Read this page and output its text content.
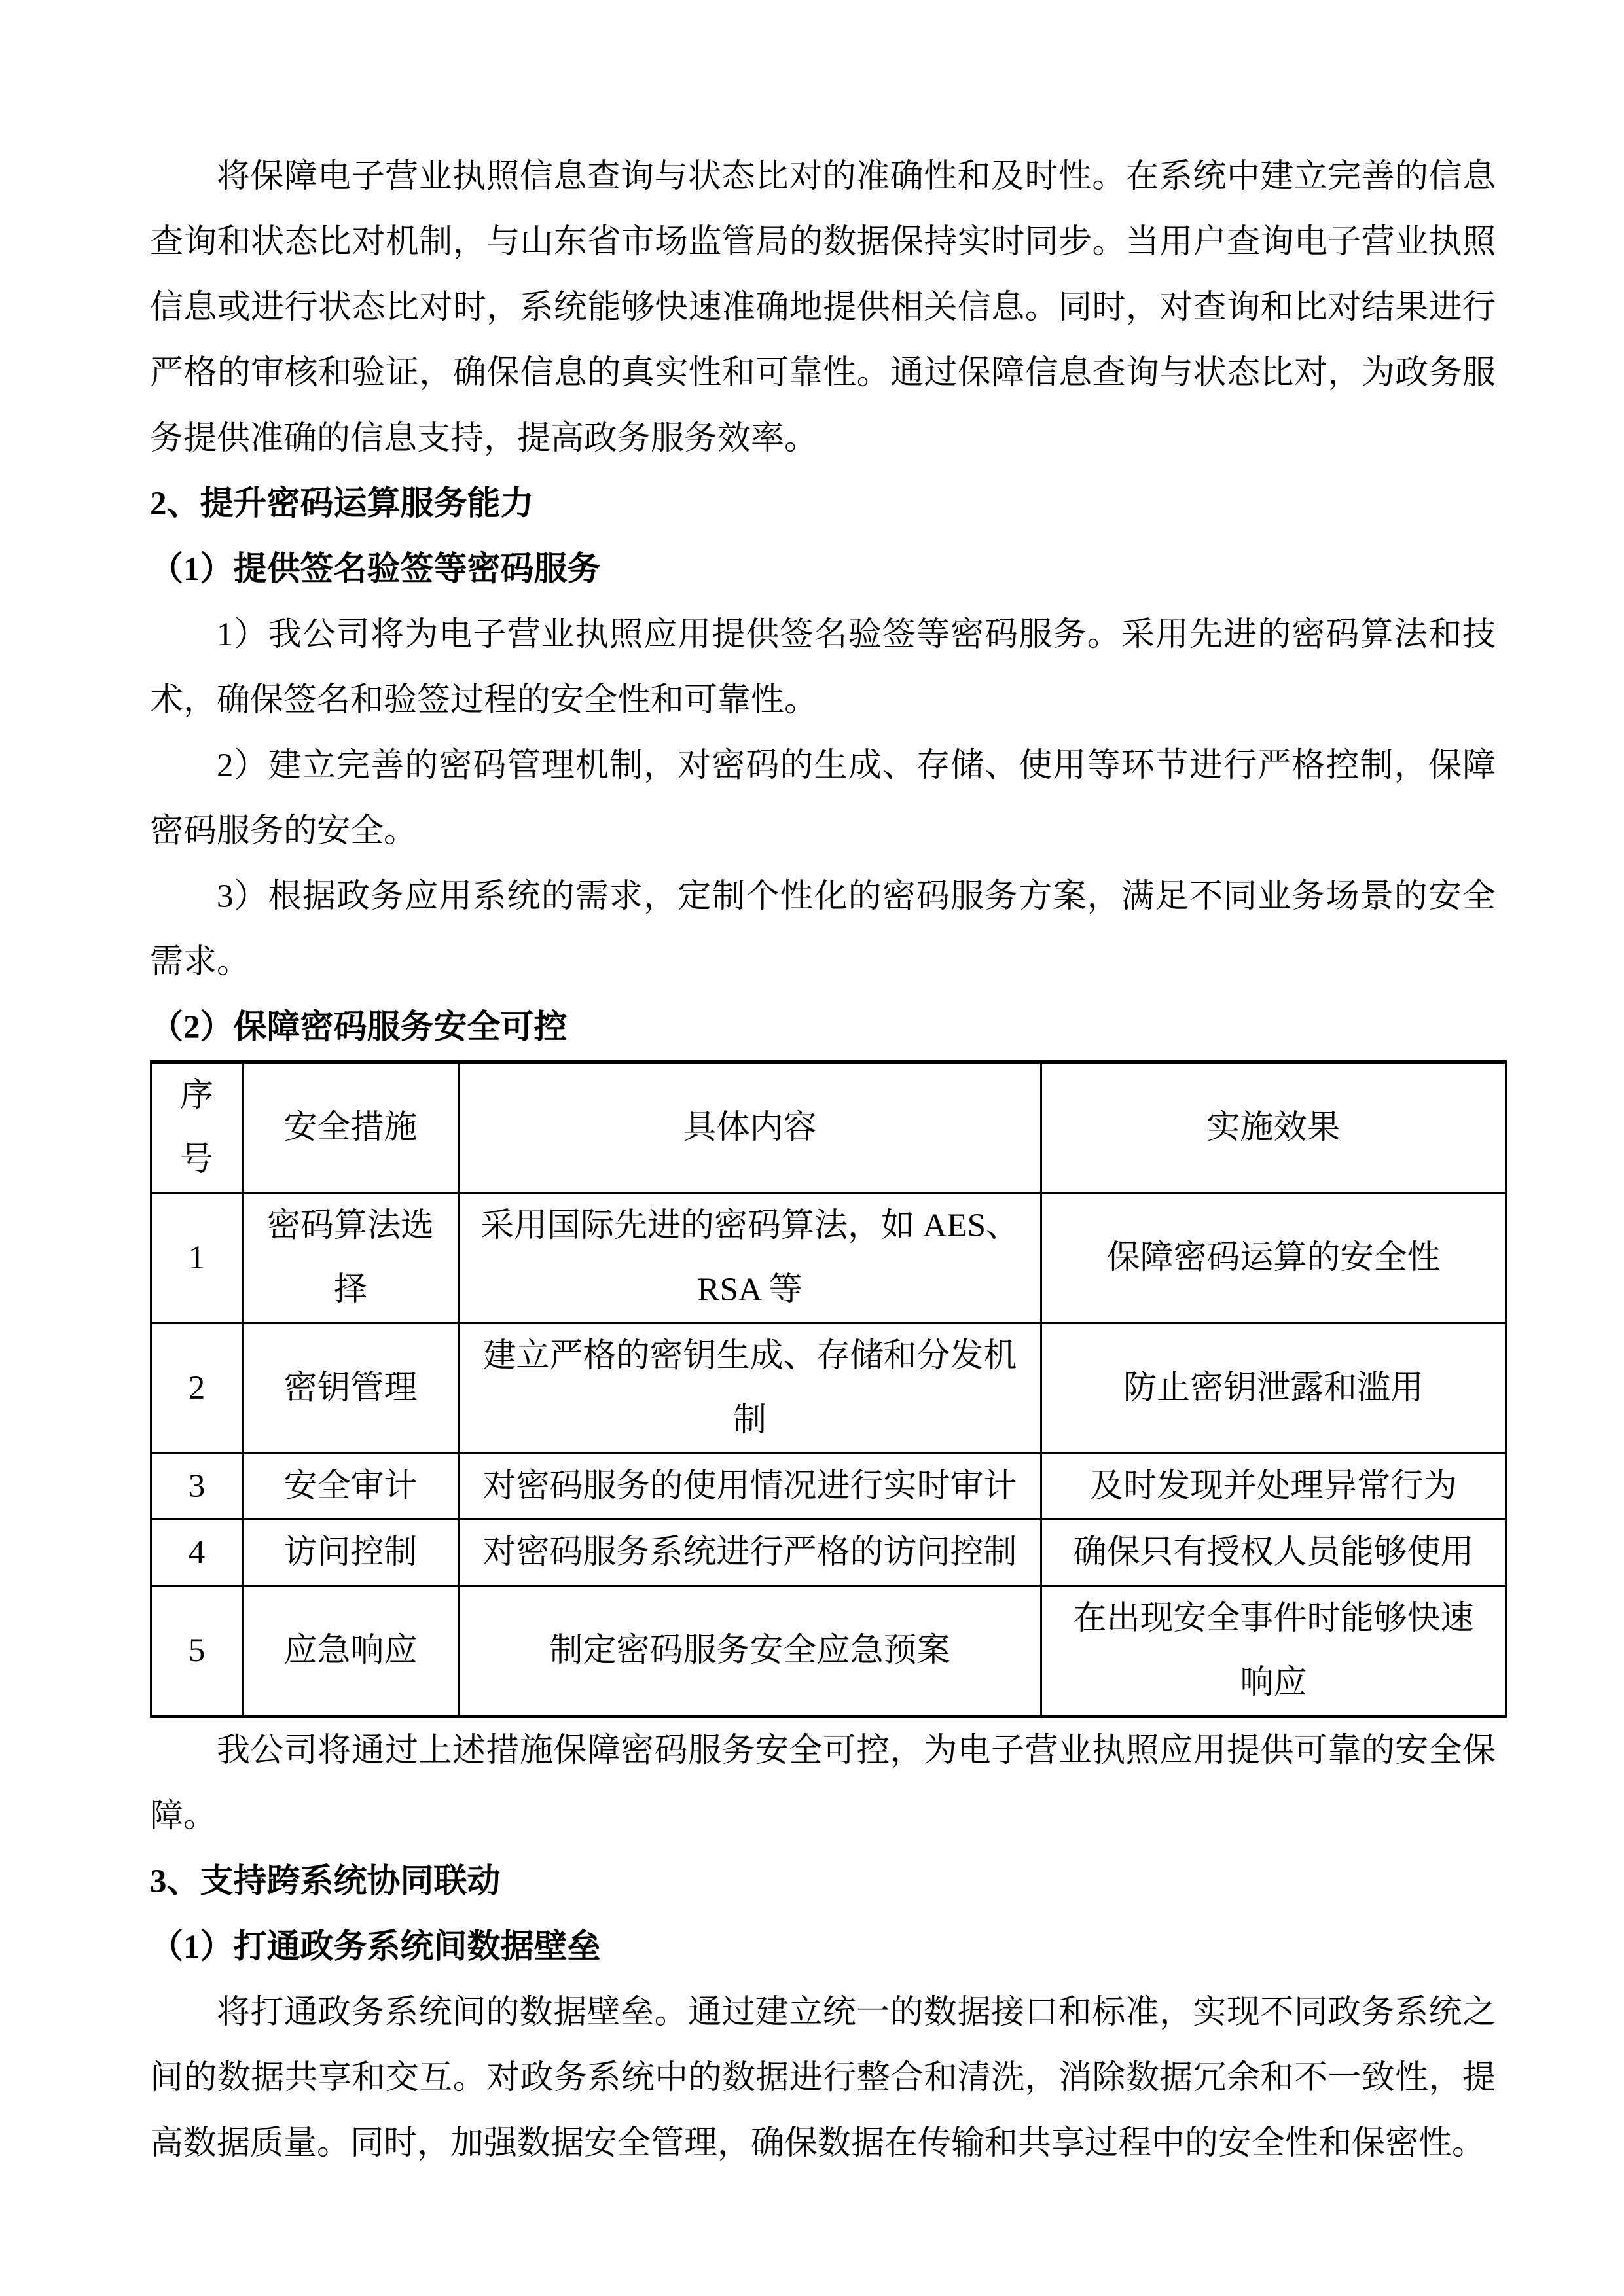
将保障电子营业执照信息查询与状态比对的准确性和及时性。在系统中建立完善的信息查询和状态比对机制，与山东省市场监管局的数据保持实时同步。当用户查询电子营业执照信息或进行状态比对时，系统能够快速准确地提供相关信息。同时，对查询和比对结果进行严格的审核和验证，确保信息的真实性和可靠性。通过保障信息查询与状态比对，为政务服务提供准确的信息支持，提高政务服务效率。

2、提升密码运算服务能力

（1）提供签名验签等密码服务

1）我公司将为电子营业执照应用提供签名验签等密码服务。采用先进的密码算法和技术，确保签名和验签过程的安全性和可靠性。

2）建立完善的密码管理机制，对密码的生成、存储、使用等环节进行严格控制，保障密码服务的安全。

3）根据政务应用系统的需求，定制个性化的密码服务方案，满足不同业务场景的安全需求。

（2）保障密码服务安全可控

序号	安全措施	具体内容	实施效果
1	密码算法选择	采用国际先进的密码算法，如 AES、RSA 等	保障密码运算的安全性
2	密钥管理	建立严格的密钥生成、存储和分发机制	防止密钥泄露和滥用
3	安全审计	对密码服务的使用情况进行实时审计	及时发现并处理异常行为
4	访问控制	对密码服务系统进行严格的访问控制	确保只有授权人员能够使用
5	应急响应	制定密码服务安全应急预案	在出现安全事件时能够快速响应

我公司将通过上述措施保障密码服务安全可控，为电子营业执照应用提供可靠的安全保障。

3、支持跨系统协同联动

（1）打通政务系统间数据壁垒

将打通政务系统间的数据壁垒。通过建立统一的数据接口和标准，实现不同政务系统之间的数据共享和交互。对政务系统中的数据进行整合和清洗，消除数据冗余和不一致性，提高数据质量。同时，加强数据安全管理，确保数据在传输和共享过程中的安全性和保密性。
